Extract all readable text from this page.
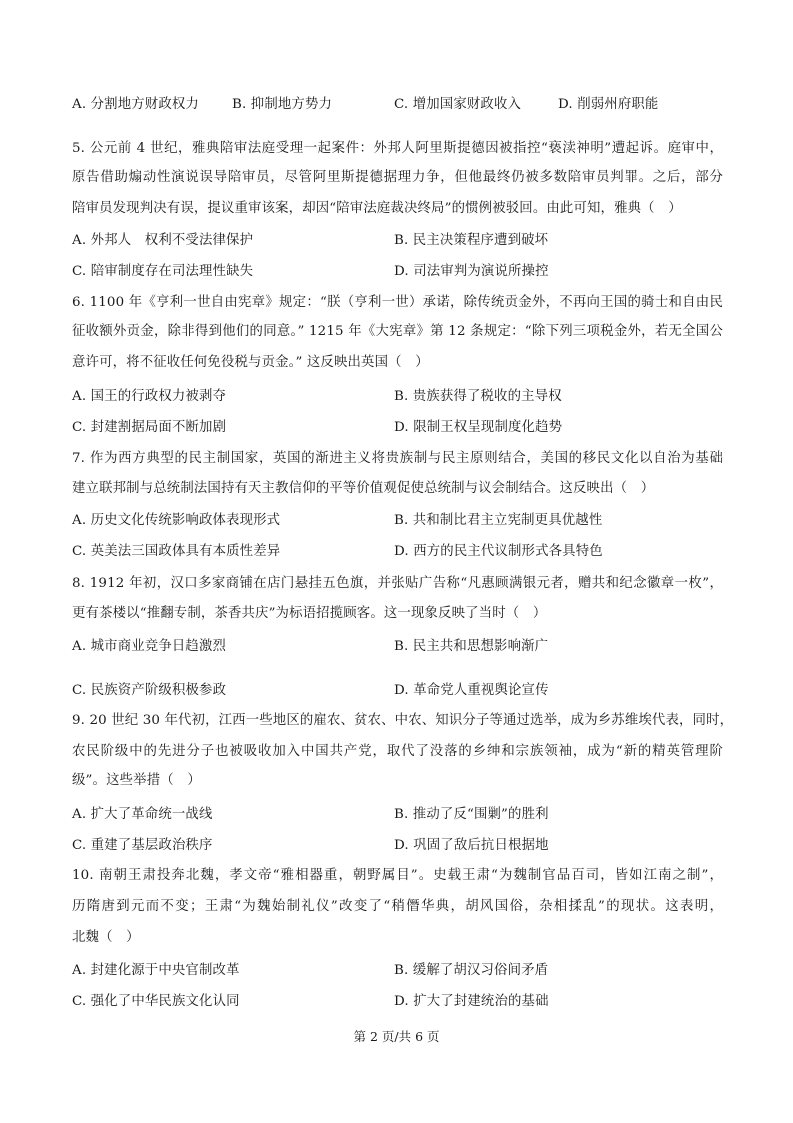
A. 分割地方财政权力 B. 抑制地方势力	C. 增加国家财政收入	D. 削弱州府职能
5. 公元前 4 世纪，雅典陪审法庭受理一起案件：外邦人阿里斯提德因被指控“亵渎神明”遭起诉。庭审中，
原告借助煽动性演说误导陪审员，尽管阿里斯提德据理力争，但他最终仍被多数陪审员判罪。之后，部分
陪审员发现判决有误，提议重审该案，却因“陪审法庭裁决终局”的惯例被驳回。由此可知，雅典（　）
A. 外邦人　权利不受法律保护	B. 民主决策程序遭到破坏
C. 陪审制度存在司法理性缺失	D. 司法审判为演说所操控
6. 1100 年《亨利一世自由宪章》规定：“朕（亨利一世）承诺，除传统贡金外，不再向王国的骑士和自由民
征收额外贡金，除非得到他们的同意。” 1215 年《大宪章》第 12 条规定：“除下列三项税金外，若无全国公
意许可，将不征收任何免役税与贡金。” 这反映出英国（　）
A. 国王的行政权力被剥夺	B. 贵族获得了税收的主导权
C. 封建割据局面不断加剧	D. 限制王权呈现制度化趋势
7. 作为西方典型的民主制国家，英国的渐进主义将贵族制与民主原则结合，美国的移民文化以自治为基础
建立联邦制与总统制法国持有天主教信仰的平等价值观促使总统制与议会制结合。这反映出（　）
A. 历史文化传统影响政体表现形式	B. 共和制比君主立宪制更具优越性
C. 英美法三国政体具有本质性差异	D. 西方的民主代议制形式各具特色
8. 1912 年初，汉口多家商铺在店门悬挂五色旗，并张贴广告称“凡惠顾满银元者，赠共和纪念徽章一枚”，
更有茶楼以“推翻专制，茶香共庆”为标语招揽顾客。这一现象反映了当时（　）
A. 城市商业竞争日趋激烈	B. 民主共和思想影响渐广
C. 民族资产阶级积极参政	D. 革命党人重视舆论宣传
9. 20 世纪 30 年代初，江西一些地区的雇农、贫农、中农、知识分子等通过选举，成为乡苏维埃代表，同时，
农民阶级中的先进分子也被吸收加入中国共产党，取代了没落的乡绅和宗族领袖，成为“新的精英管理阶
级”。这些举措（　）
A. 扩大了革命统一战线	B. 推动了反“围剿”的胜利
C. 重建了基层政治秩序	D. 巩固了敌后抗日根据地
10. 南朝王肃投奔北魏，孝文帝“雅相器重，朝野属目”。史载王肃“为魏制官品百司，皆如江南之制”，
历隋唐到元而不变；王肃“为魏始制礼仪”改变了“稍僭华典，胡风国俗，杂相揉乱”的现状。这表明，
北魏（　）
A. 封建化源于中央官制改革	B. 缓解了胡汉习俗间矛盾
C. 强化了中华民族文化认同	D. 扩大了封建统治的基础
第 2 页/共 6 页
